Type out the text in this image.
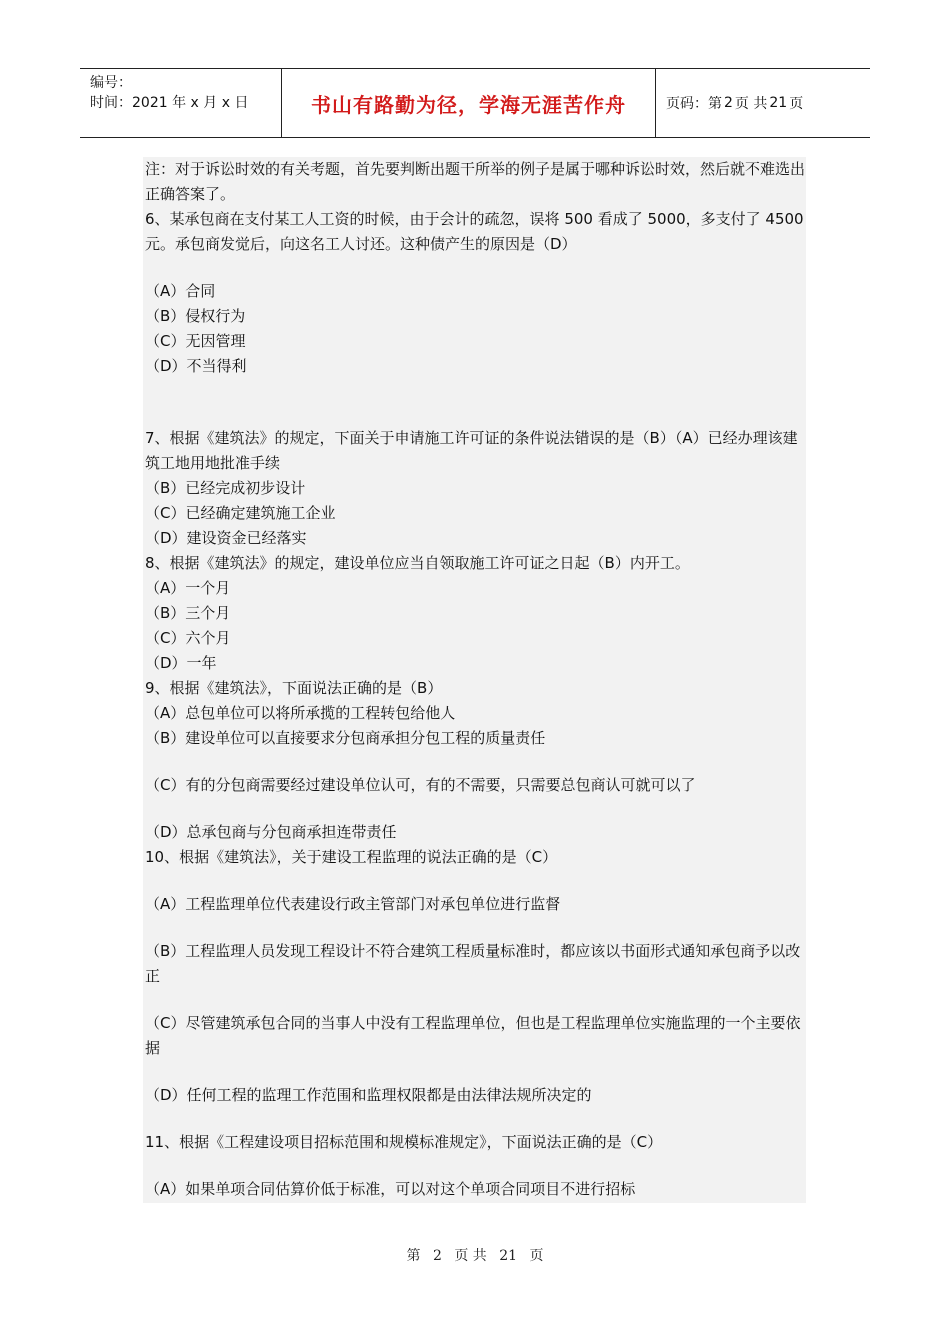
编号：
时间：2021 年 x 月 x 日	书山有路勤为径，学海无涯苦作舟	页码：第 2 页 共 21 页

注：对于诉讼时效的有关考题，首先要判断出题干所举的例子是属于哪种诉讼时效，然后就不难选出正确答案了。

6、某承包商在支付某工人工资的时候，由于会计的疏忽，误将 500 看成了 5000，多支付了 4500 元。承包商发觉后，向这名工人讨还。这种债产生的原因是（D）

（A）合同

（B）侵权行为

（C）无因管理

（D）不当得利

7、根据《建筑法》的规定，下面关于申请施工许可证的条件说法错误的是（B）（A）已经办理该建筑工地用地批准手续

（B）已经完成初步设计

（C）已经确定建筑施工企业

（D）建设资金已经落实

8、根据《建筑法》的规定，建设单位应当自领取施工许可证之日起（B）内开工。

（A）一个月

（B）三个月

（C）六个月

（D）一年

9、根据《建筑法》，下面说法正确的是（B）

（A）总包单位可以将所承揽的工程转包给他人

（B）建设单位可以直接要求分包商承担分包工程的质量责任

（C）有的分包商需要经过建设单位认可，有的不需要，只需要总包商认可就可以了

（D）总承包商与分包商承担连带责任

10、根据《建筑法》，关于建设工程监理的说法正确的是（C）

（A）工程监理单位代表建设行政主管部门对承包单位进行监督

（B）工程监理人员发现工程设计不符合建筑工程质量标准时，都应该以书面形式通知承包商予以改正

（C）尽管建筑承包合同的当事人中没有工程监理单位，但也是工程监理单位实施监理的一个主要依据

（D）任何工程的监理工作范围和监理权限都是由法律法规所决定的

11、根据《工程建设项目招标范围和规模标准规定》，下面说法正确的是（C）

（A）如果单项合同估算价低于标准，可以对这个单项合同项目不进行招标

第 2 页 共 21 页
